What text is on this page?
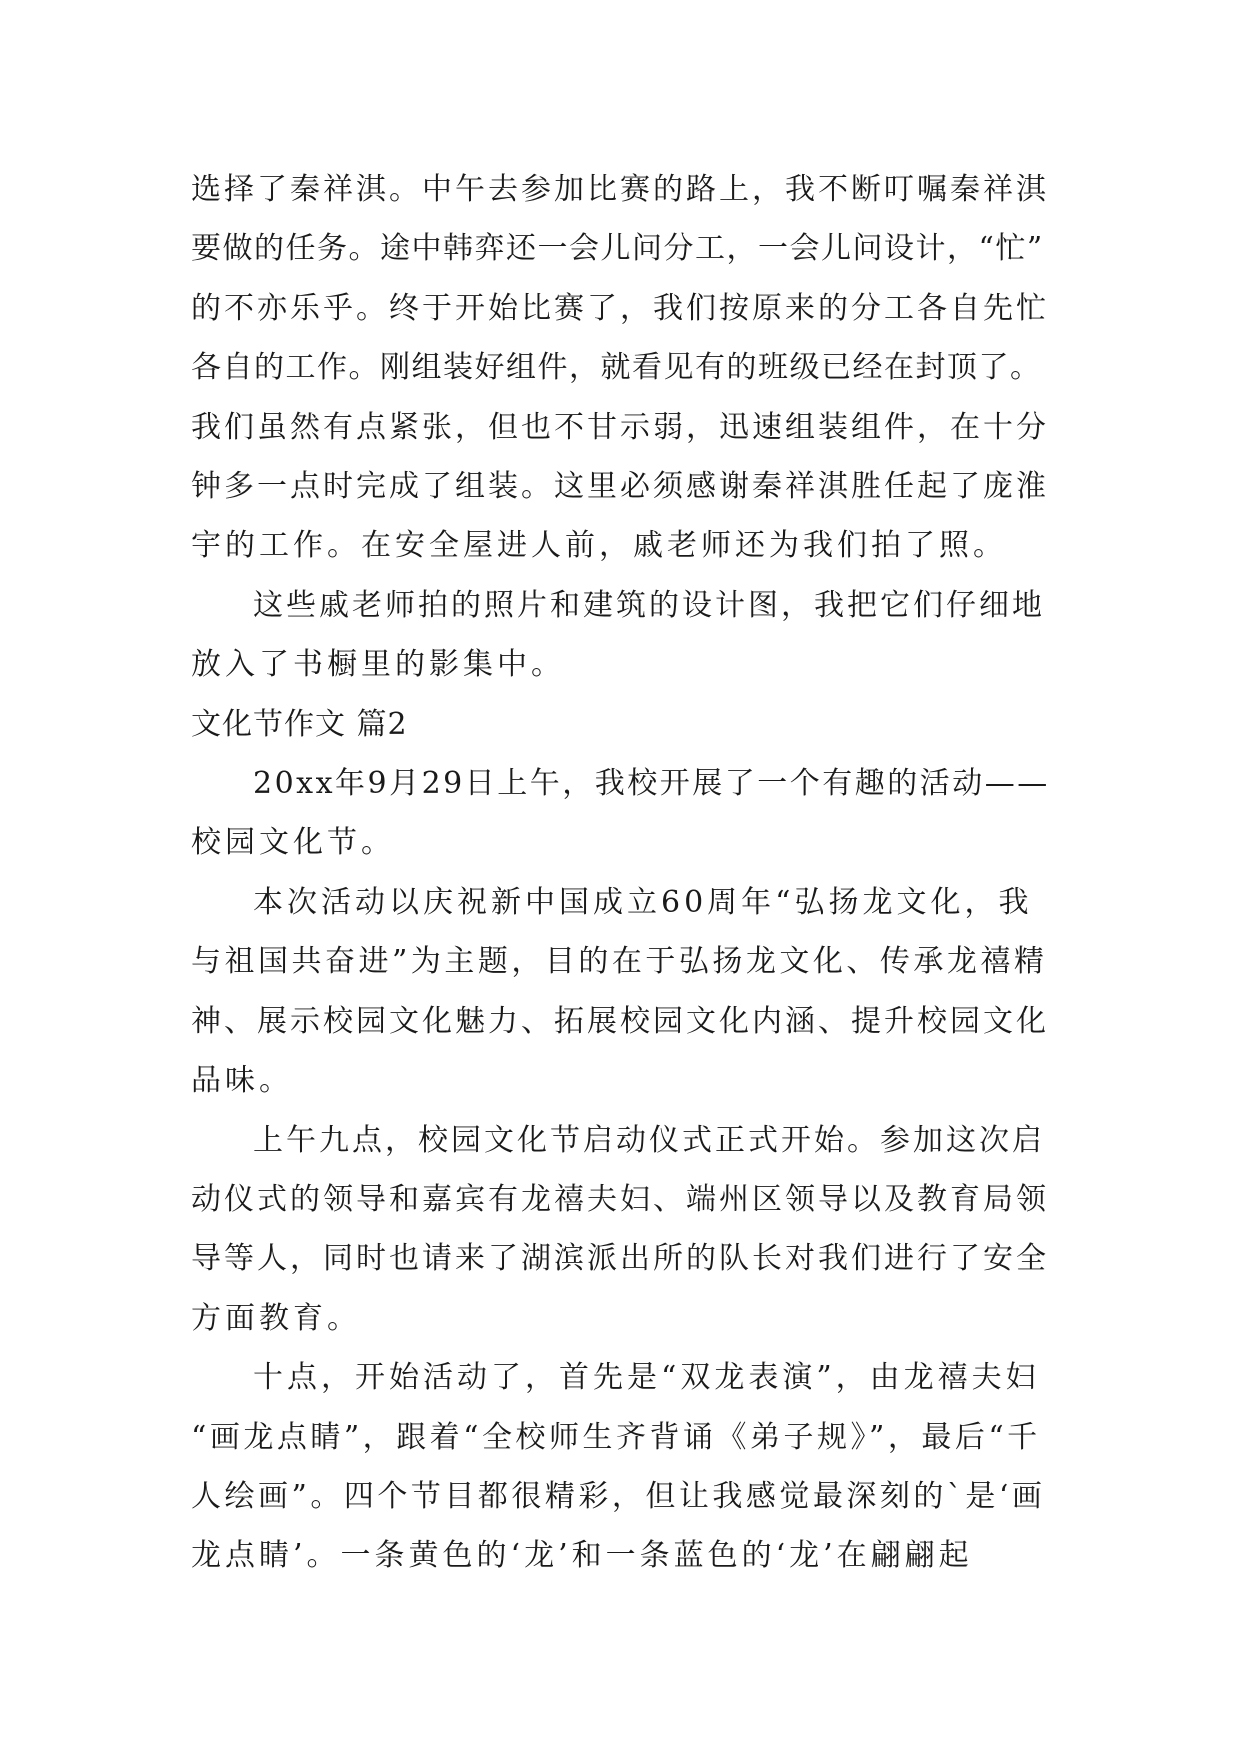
选择了秦祥淇。中午去参加比赛的路上，我不断叮嘱秦祥淇
要做的任务。途中韩弈还一会儿问分工，一会儿问设计，“忙”
的不亦乐乎。终于开始比赛了，我们按原来的分工各自先忙
各自的工作。刚组装好组件，就看见有的班级已经在封顶了。
我们虽然有点紧张，但也不甘示弱，迅速组装组件，在十分
钟多一点时完成了组装。这里必须感谢秦祥淇胜任起了庞淮
宇的工作。在安全屋进人前，戚老师还为我们拍了照。
这些戚老师拍的照片和建筑的设计图，我把它们仔细地
放入了书橱里的影集中。
文化节作文 篇2
20xx年9月29日上午，我校开展了一个有趣的活动——
校园文化节。
本次活动以庆祝新中国成立60周年“弘扬龙文化，我
与祖国共奋进”为主题，目的在于弘扬龙文化、传承龙禧精
神、展示校园文化魅力、拓展校园文化内涵、提升校园文化
品味。
上午九点，校园文化节启动仪式正式开始。参加这次启
动仪式的领导和嘉宾有龙禧夫妇、端州区领导以及教育局领
导等人，同时也请来了湖滨派出所的队长对我们进行了安全
方面教育。
十点，开始活动了，首先是“双龙表演”，由龙禧夫妇
“画龙点睛”，跟着“全校师生齐背诵《弟子规》”，最后“千
人绘画”。四个节目都很精彩，但让我感觉最深刻的`是‘画
龙点睛’。一条黄色的‘龙’和一条蓝色的‘龙’在翩翩起
